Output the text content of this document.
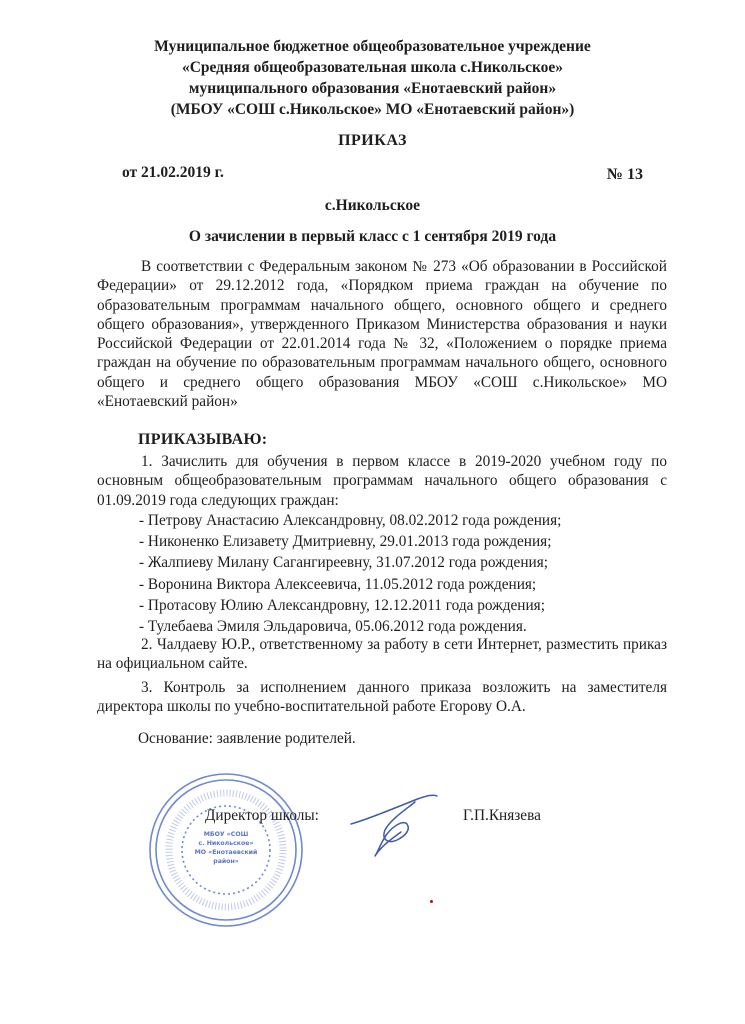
Муниципальное бюджетное общеобразовательное учреждение
«Средняя общеобразовательная школа с.Никольское»
муниципального образования «Енотаевский район»
(МБОУ «СОШ с.Никольское» МО «Енотаевский район»)
ПРИКАЗ
от 21.02.2019 г.	№ 13
с.Никольское
О зачислении в первый класс с 1 сентября 2019 года

В соответствии с Федеральным законом № 273 «Об образовании в Российской Федерации» от 29.12.2012 года, «Порядком приема граждан на обучение по образовательным программам начального общего, основного общего и среднего общего образования», утвержденного Приказом Министерства образования и науки Российской Федерации от 22.01.2014 года № 32, «Положением о порядке приема граждан на обучение по образовательным программам начального общего, основного общего и среднего общего образования МБОУ «СОШ с.Никольское» МО «Енотаевский район»

ПРИКАЗЫВАЮ:

1. Зачислить для обучения в первом классе в 2019-2020 учебном году по основным общеобразовательным программам начального общего образования с 01.09.2019 года следующих граждан:

- Петрову Анастасию Александровну, 08.02.2012 года рождения;
- Никоненко Елизавету Дмитриевну, 29.01.2013 года рождения;
- Жалпиеву Милану Сагангиреевну, 31.07.2012 года рождения;
- Воронина Виктора Алексеевича, 11.05.2012 года рождения;
- Протасову Юлию Александровну, 12.12.2011 года рождения;
- Тулебаева Эмиля Эльдаровича, 05.06.2012 года рождения.

2. Чалдаеву Ю.Р., ответственному за работу в сети Интернет, разместить приказ на официальном сайте.

3. Контроль за исполнением данного приказа возложить на заместителя директора школы по учебно-воспитательной работе Егорову О.А.

Основание: заявление родителей.
МБОУ «СОШ
с. Никольское»
МО «Енотаевский
район»
Директор школы:	Г.П.Князева
